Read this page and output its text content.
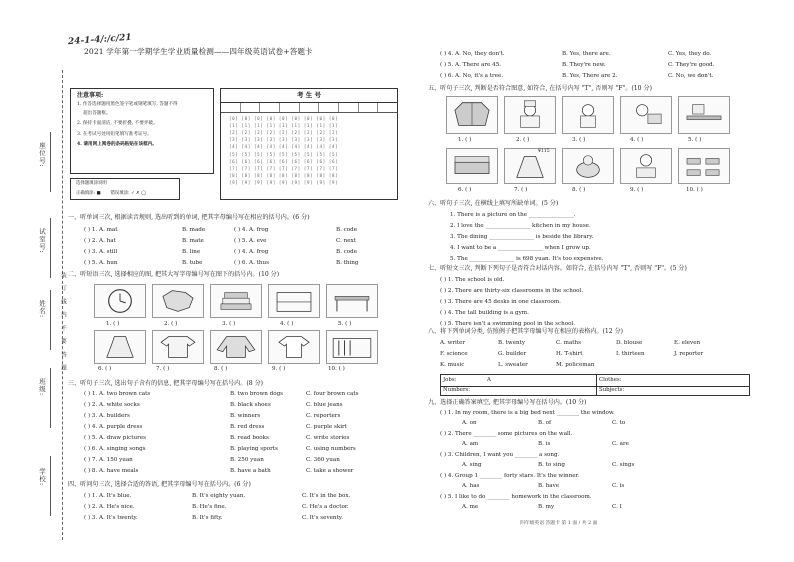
24-1-4/:/c/21
2021 学年第一学期学生学业质量检测——四年级英语试卷+答题卡
学校:
班级:
姓名:
试室号:
座位号:
装 订 线 内 不 要 答 题
注意事项:
1. 作答选择题用黑色签字笔或钢笔填写, 答题不得
超出答题框。
2. 保持卡面清洁, 不要折叠, 不要弄破。
3. 在考试号处用铅笔填写准考证号。
4. 请用网上阅卷的条码粘贴在该框内。
考 生 号
[0] [0] [0] [0] [0] [0] [0] [0] [0]
[1] [1] [1] [1] [1] [1] [1] [1] [1]
[2] [2] [2] [2] [2] [2] [2] [2] [2]
[3] [3] [3] [3] [3] [3] [3] [3] [3]
[4] [4] [4] [4] [4] [4] [4] [4] [4]
[5] [5] [5] [5] [5] [5] [5] [5] [5]
[6] [6] [6] [6] [6] [6] [6] [6] [6]
[7] [7] [7] [7] [7] [7] [7] [7] [7]
[8] [8] [8] [8] [8] [8] [8] [8] [8]
[9] [9] [9] [9] [9] [9] [9] [9] [9]
选择题填涂说明
正确填涂: ■ 错误填涂: ✓ ✗ ◯
一、听单词三次, 根据读音规则, 选出听到的单词, 把其字母编号写在相应的括号内。(6 分)
( ) 1. A. mat	B. made	( ) 4. A. frog	B. code
( ) 2. A. hat	B. mate	( ) 5. A. eve	C. next
( ) 3. A. still	B. line	( ) 4. A. frog	B. code
( ) 5. A. hun	B. tube	( ) 6. A. thus	B. thing
二、听短语三次, 选择相应的图, 把其大写字母编号写在图下的括号内。(10 分)
1. ( )	2. ( )	3. ( )	4. ( )	5. ( )
6. ( )	7. ( )	8. ( )	9. ( )	10. ( )
三、听句子三次, 选出句子含有的信息, 把其字母编号写在括号内。(8 分)
( ) 1. A. two brown cats	B. two brown dogs	C. four brown cats
( ) 2. A. white socks	B. black shoes	C. blue jeans
( ) 3. A. builders	B. winners	C. reporters
( ) 4. A. purple dress	B. red dress	C. purple skirt
( ) 5. A. draw pictures	B. read books	C. write stories
( ) 6. A. singing songs	B. playing sports	C. using numbers
( ) 7. A. 150 yuan	B. 250 yuan	C. 360 yuan
( ) 8. A. have meals	B. have a bath	C. take a shower
四、听问句三次, 选择合适的答语, 把其字母编号写在括号内。(6 分)
( ) 1. A. It's blue.	B. It's eighty yuan.	C. It's in the box.
( ) 2. A. He's nice.	B. He's fine.	C. He's a doctor.
( ) 3. A. It's twenty.	B. It's fifty.	C. It's seventy.
( ) 4. A. No, they don't.	B. Yes, there are.	C. Yes, they do.
( ) 5. A. There are 45.	B. They're new.	C. They're good.
( ) 6. A. No, it's a tree.	B. Yes, There are 2.	C. No, we don't.
五、听句子三次, 判断是否符合图意, 如符合, 在括号内写 "T", 否则写 "F"。(10 分)
1. ( )	2. ( )	3. ( )	4. ( )	5. ( )
¥115
6. ( )	7. ( )	8. ( )	9. ( )	10. ( )
六、听句子三次, 在横线上填写所缺单词。(5 分)
1. There is a picture on the ________________.
2. I love the ________________ kitchen in my house.
3. The dining ________________ is beside the library.
4. I want to be a ________________ when I grow up.
5. The ________________ is 698 yuan. It's too expensive.
七、听短文三次, 判断下列句子是否符合对话内容。如符合, 在括号内写 "T", 否则写 "F"。(5 分)
( ) 1. The school is old.
( ) 2. There are thirty-six classrooms in the school.
( ) 3. There are 45 desks in one classroom.
( ) 4. The tall building is a gym.
( ) 5. There isn't a swimming pool in the school.
八、将下列单词分类, 仿照例子把其字母编号写在相应的表格内。(12 分)
A. writer	B. twenty	C. maths	D. blouse	E. eleven
F. science	G. builder	H. T-shirt	I. thirteen	J. reporter
K. music	L. sweater	M. policeman
Jobs:	A	Clothes:
Numbers:	Subjects:
九、选择正确答案填空, 把其字母编号写在括号内。(10 分)
( ) 1. In my room, there is a big bed next ________ the window.
A. on	B. of	C. to
( ) 2. There ________ some pictures on the wall.
A. am	B. is	C. are
( ) 3. Children, I want you ________ a song.
A. sing	B. to sing	C. sings
( ) 4. Group 1 ________ forty stars. It's the winner.
A. has	B. have	C. is
( ) 5. I like to do ________ homework in the classroom.
A. me	B. my	C. I
四年级英语 答题卡 第 1 面 / 共 2 面
